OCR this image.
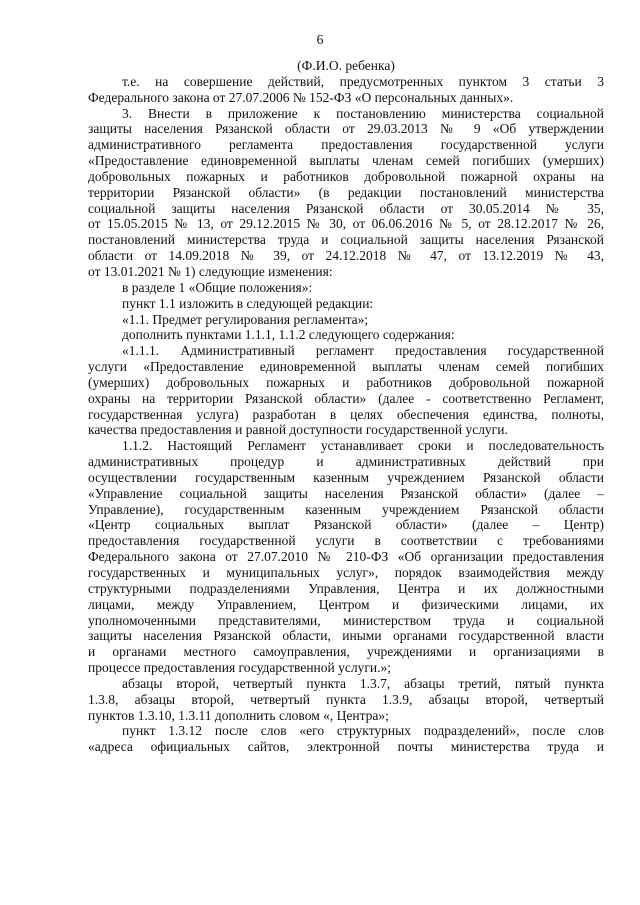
6
(Ф.И.О. ребенка)
т.е. на совершение действий, предусмотренных пунктом 3 статьи 3
Федерального закона от 27.07.2006 № 152-ФЗ «О персональных данных».
3. Внести в приложение к постановлению министерства социальной
защиты населения Рязанской области от 29.03.2013 № 9 «Об утверждении
административного регламента предоставления государственной услуги
«Предоставление единовременной выплаты членам семей погибших (умерших)
добровольных пожарных и работников добровольной пожарной охраны на
территории Рязанской области» (в редакции постановлений министерства
социальной защиты населения Рязанской области от 30.05.2014 № 35,
от 15.05.2015 № 13, от 29.12.2015 № 30, от 06.06.2016 № 5, от 28.12.2017 № 26,
постановлений министерства труда и социальной защиты населения Рязанской
области от 14.09.2018 № 39, от 24.12.2018 № 47, от 13.12.2019 № 43,
от 13.01.2021 № 1) следующие изменения:
в разделе 1 «Общие положения»:
пункт 1.1 изложить в следующей редакции:
«1.1. Предмет регулирования регламента»;
дополнить пунктами 1.1.1, 1.1.2 следующего содержания:
«1.1.1. Административный регламент предоставления государственной
услуги «Предоставление единовременной выплаты членам семей погибших
(умерших) добровольных пожарных и работников добровольной пожарной
охраны на территории Рязанской области» (далее - соответственно Регламент,
государственная услуга) разработан в целях обеспечения единства, полноты,
качества предоставления и равной доступности государственной услуги.
1.1.2. Настоящий Регламент устанавливает сроки и последовательность
административных процедур и административных действий при
осуществлении государственным казенным учреждением Рязанской области
«Управление социальной защиты населения Рязанской области» (далее –
Управление), государственным казенным учреждением Рязанской области
«Центр социальных выплат Рязанской области» (далее – Центр)
предоставления государственной услуги в соответствии с требованиями
Федерального закона от 27.07.2010 № 210-ФЗ «Об организации предоставления
государственных и муниципальных услуг», порядок взаимодействия между
структурными подразделениями Управления, Центра и их должностными
лицами, между Управлением, Центром и физическими лицами, их
уполномоченными представителями, министерством труда и социальной
защиты населения Рязанской области, иными органами государственной власти
и органами местного самоуправления, учреждениями и организациями в
процессе предоставления государственной услуги.»;
абзацы второй, четвертый пункта 1.3.7, абзацы третий, пятый пункта
1.3.8, абзацы второй, четвертый пункта 1.3.9, абзацы второй, четвертый
пунктов 1.3.10, 1.3.11 дополнить словом «, Центра»;
пункт 1.3.12 после слов «его структурных подразделений», после слов
«адреса официальных сайтов, электронной почты министерства труда и
